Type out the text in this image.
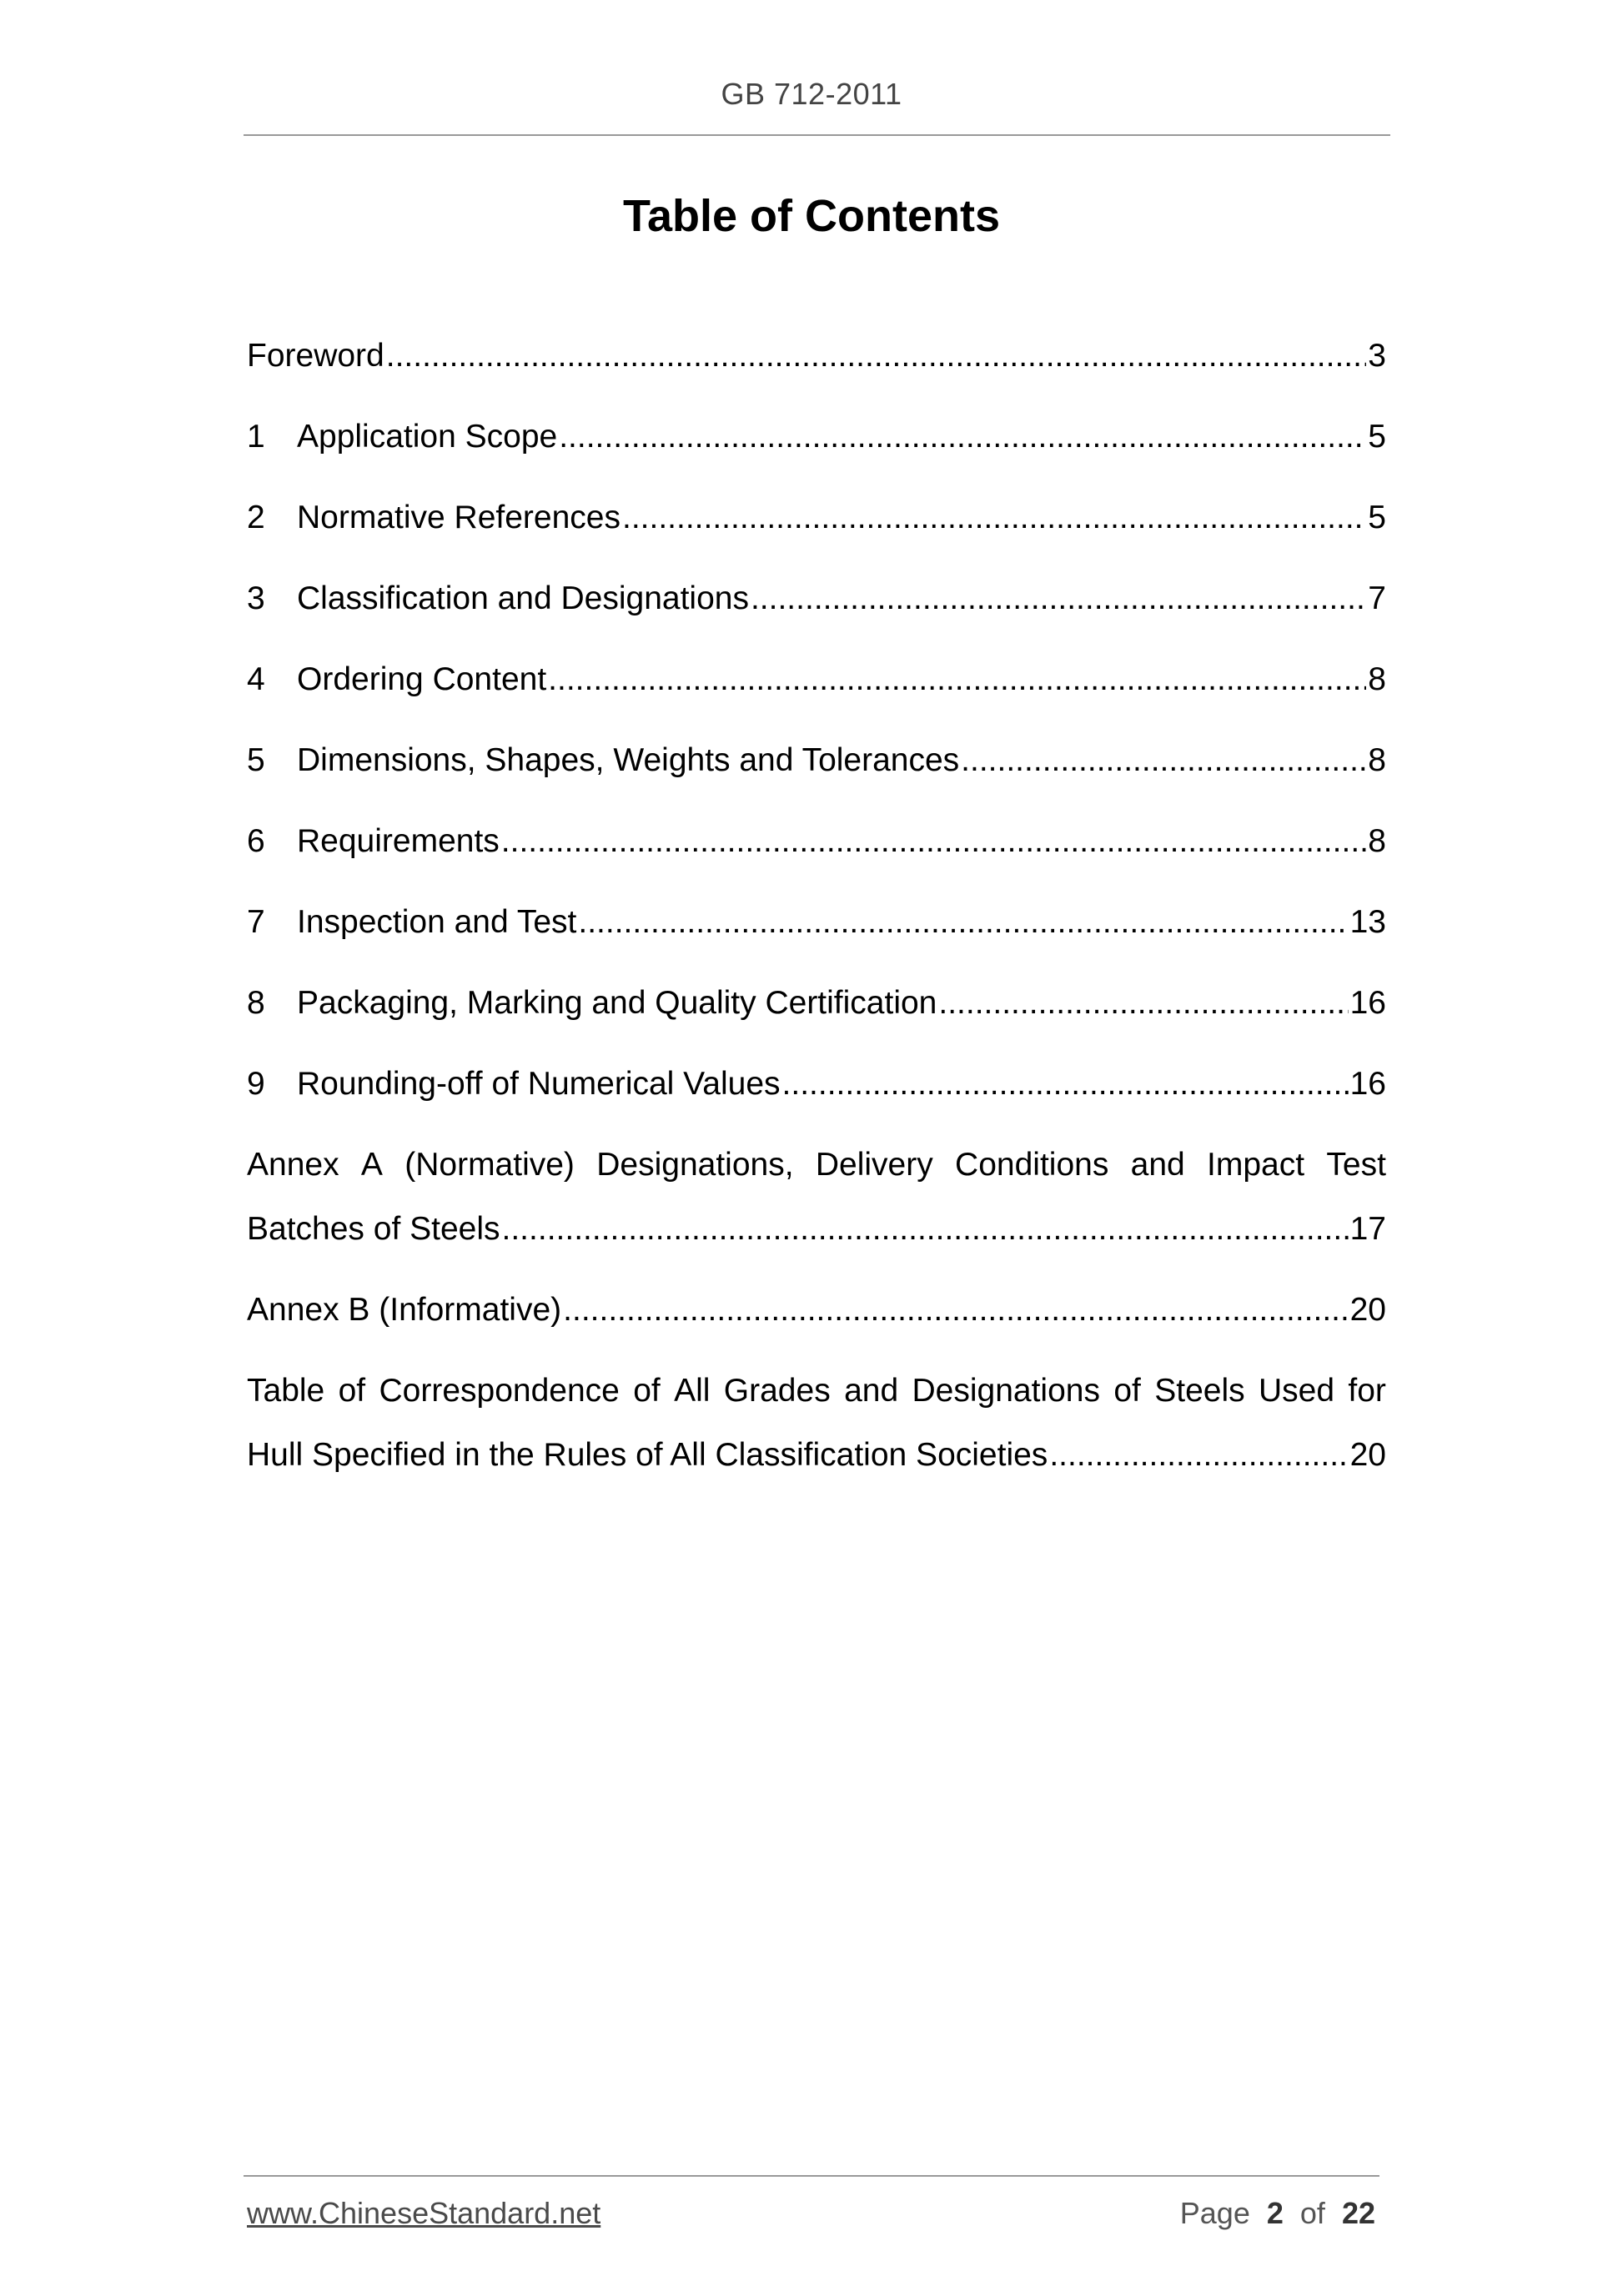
GB 712-2011
Table of Contents
Foreword .....	3
1 Application Scope .....	5
2 Normative References .....	5
3 Classification and Designations .....	7
4 Ordering Content .....	8
5 Dimensions, Shapes, Weights and Tolerances .....	8
6 Requirements .....	8
7 Inspection and Test .....	13
8 Packaging, Marking and Quality Certification .....	16
9 Rounding-off of Numerical Values .....	16
Annex A (Normative) Designations, Delivery Conditions and Impact Test
Batches of Steels .....	17
Annex B (Informative) .....	20
Table of Correspondence of All Grades and Designations of Steels Used for
Hull Specified in the Rules of All Classification Societies .....	20
www.ChineseStandard.net	Page 2 of 22
